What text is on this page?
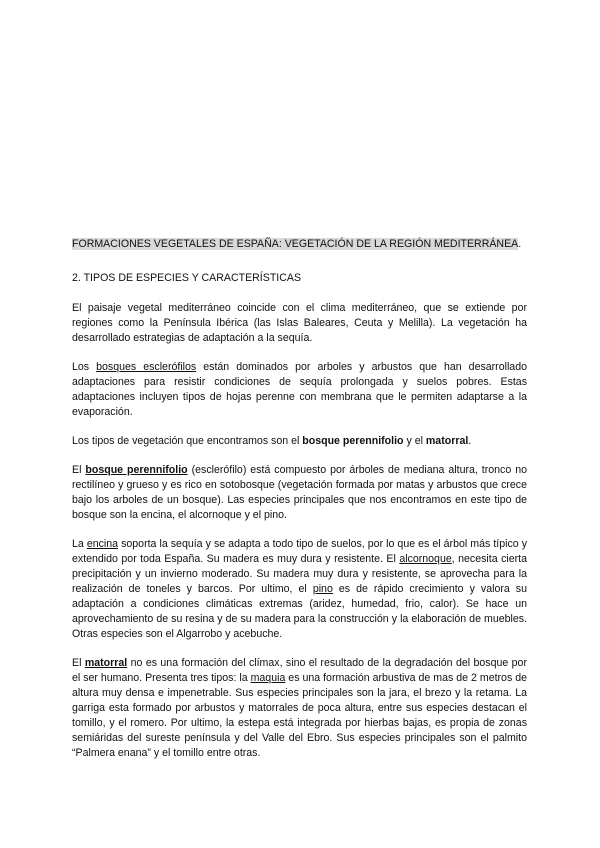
FORMACIONES VEGETALES DE ESPAÑA: VEGETACIÓN DE LA REGIÓN MEDITERRÁNEA.
2. TIPOS DE ESPECIES Y CARACTERÍSTICAS

El paisaje vegetal mediterráneo coincide con el clima mediterráneo, que se extiende por regiones como la Península Ibérica (las Islas Baleares, Ceuta y Melilla). La vegetación ha desarrollado estrategias de adaptación a la sequía.

Los bosques esclerófilos están dominados por arboles y arbustos que han desarrollado adaptaciones para resistir condiciones de sequía prolongada y suelos pobres. Estas adaptaciones incluyen tipos de hojas perenne con membrana que le permiten adaptarse a la evaporación.

Los tipos de vegetación que encontramos son el bosque perennifolio y el matorral.

El bosque perennifolio (esclerófilo) está compuesto por árboles de mediana altura, tronco no rectilíneo y grueso y es rico en sotobosque (vegetación formada por matas y arbustos que crece bajo los arboles de un bosque). Las especies principales que nos encontramos en este tipo de bosque son la encina, el alcornoque y el pino.

La encina soporta la sequía y se adapta a todo tipo de suelos, por lo que es el árbol más típico y extendido por toda España. Su madera es muy dura y resistente. El alcornoque, necesita cierta precipitación y un invierno moderado. Su madera muy dura y resistente, se aprovecha para la realización de toneles y barcos. Por ultimo, el pino es de rápido crecimiento y valora su adaptación a condiciones climáticas extremas (aridez, humedad, frio, calor). Se hace un aprovechamiento de su resina y de su madera para la construcción y la elaboración de muebles. Otras especies son el Algarrobo y acebuche.

El matorral no es una formación del clímax, sino el resultado de la degradación del bosque por el ser humano. Presenta tres tipos: la maquia es una formación arbustiva de mas de 2 metros de altura muy densa e impenetrable. Sus especies principales son la jara, el brezo y la retama. La garriga esta formado por arbustos y matorrales de poca altura, entre sus especies destacan el tomillo, y el romero. Por ultimo, la estepa está integrada por hierbas bajas, es propia de zonas semiáridas del sureste península y del Valle del Ebro. Sus especies principales son el palmito “Palmera enana” y el tomillo entre otras.
